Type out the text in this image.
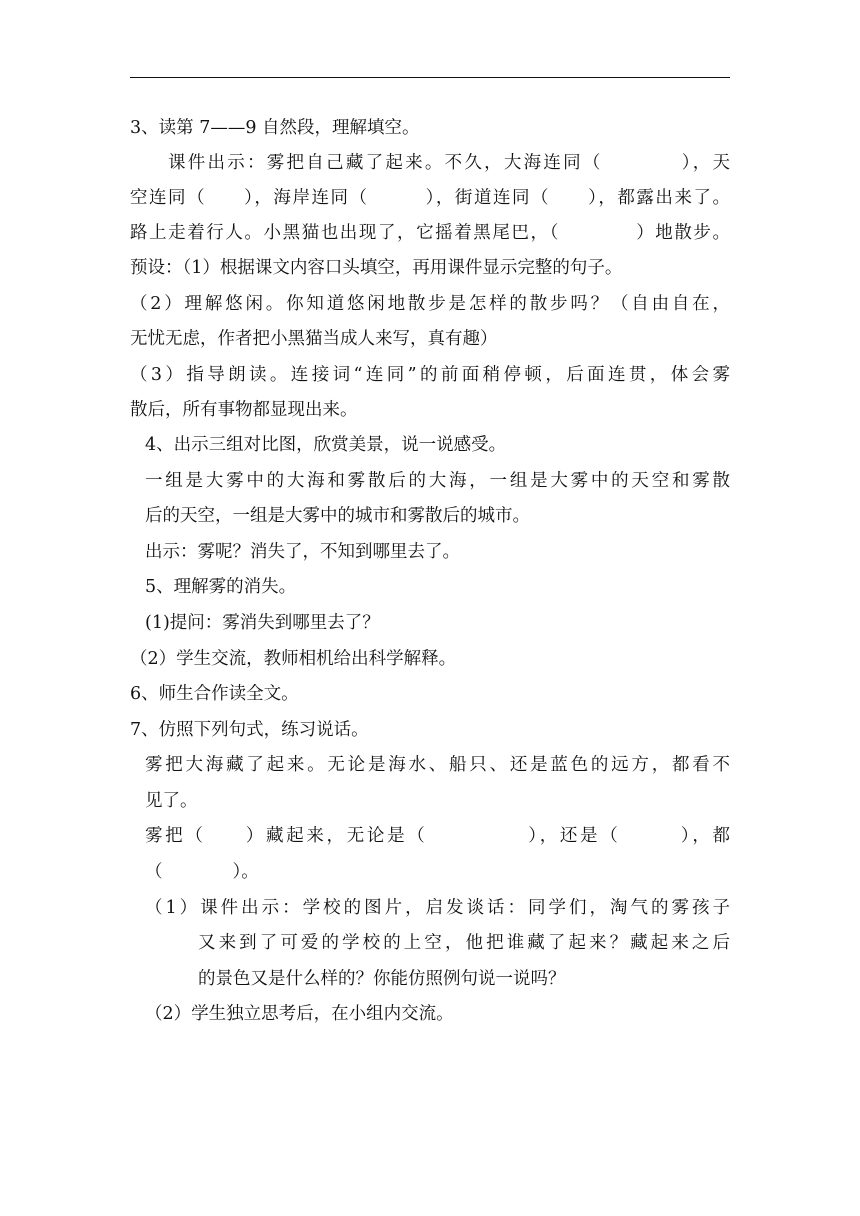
3、读第 7——9 自然段，理解填空。
课件出示：雾把自己藏了起来。不久，大海连同（　　　　），天
空连同（　　），海岸连同（　　　），街道连同（　　），都露出来了。
路上走着行人。小黑猫也出现了，它摇着黑尾巴，（　　　　）地散步。
预设：（1）根据课文内容口头填空，再用课件显示完整的句子。
（2）理解悠闲。你知道悠闲地散步是怎样的散步吗？（自由自在，
无忧无虑，作者把小黑猫当成人来写，真有趣）
（3）指导朗读。连接词“连同”的前面稍停顿，后面连贯，体会雾
散后，所有事物都显现出来。
4、出示三组对比图，欣赏美景，说一说感受。
一组是大雾中的大海和雾散后的大海，一组是大雾中的天空和雾散
后的天空，一组是大雾中的城市和雾散后的城市。
出示：雾呢？消失了，不知到哪里去了。
5、理解雾的消失。
(1)提问：雾消失到哪里去了？
（2）学生交流，教师相机给出科学解释。
6、师生合作读全文。
7、仿照下列句式，练习说话。
雾把大海藏了起来。无论是海水、船只、还是蓝色的远方，都看不
见了。
雾把（　　）藏起来，无论是（　　　　　），还是（　　　），都
（　　　　）。
（1）课件出示：学校的图片，启发谈话：同学们，淘气的雾孩子
又来到了可爱的学校的上空，他把谁藏了起来？藏起来之后
的景色又是什么样的？你能仿照例句说一说吗？
（2）学生独立思考后，在小组内交流。
